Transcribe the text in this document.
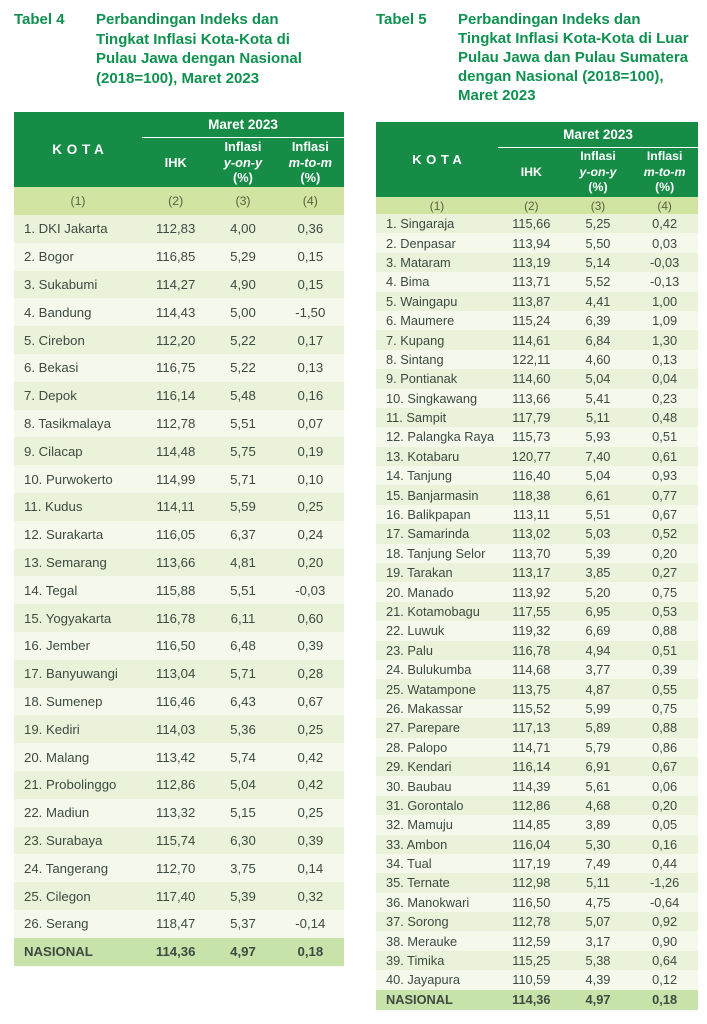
Tabel 4	Perbandingan Indeks dan
Tingkat Inflasi Kota-Kota di
Pulau Jawa dengan Nasional
(2018=100), Maret 2023
KOTA
Maret 2023
IHK
Inflasi
y-on-y
(%)
Inflasi
m-to-m
(%)
(1)	(2)	(3)	(4)
1. DKI Jakarta	112,83	4,00	0,36
2. Bogor	116,85	5,29	0,15
3. Sukabumi	114,27	4,90	0,15
4. Bandung	114,43	5,00	-1,50
5. Cirebon	112,20	5,22	0,17
6. Bekasi	116,75	5,22	0,13
7. Depok	116,14	5,48	0,16
8. Tasikmalaya	112,78	5,51	0,07
9. Cilacap	114,48	5,75	0,19
10. Purwokerto	114,99	5,71	0,10
11. Kudus	114,11	5,59	0,25
12. Surakarta	116,05	6,37	0,24
13. Semarang	113,66	4,81	0,20
14. Tegal	115,88	5,51	-0,03
15. Yogyakarta	116,78	6,11	0,60
16. Jember	116,50	6,48	0,39
17. Banyuwangi	113,04	5,71	0,28
18. Sumenep	116,46	6,43	0,67
19. Kediri	114,03	5,36	0,25
20. Malang	113,42	5,74	0,42
21. Probolinggo	112,86	5,04	0,42
22. Madiun	113,32	5,15	0,25
23. Surabaya	115,74	6,30	0,39
24. Tangerang	112,70	3,75	0,14
25. Cilegon	117,40	5,39	0,32
26. Serang	118,47	5,37	-0,14
NASIONAL	114,36	4,97	0,18
Tabel 5	Perbandingan Indeks dan
Tingkat Inflasi Kota-Kota di Luar
Pulau Jawa dan Pulau Sumatera
dengan Nasional (2018=100),
Maret 2023
KOTA
Maret 2023
IHK
Inflasi
y-on-y
(%)
Inflasi
m-to-m
(%)
(1)	(2)	(3)	(4)
1. Singaraja	115,66	5,25	0,42
2. Denpasar	113,94	5,50	0,03
3. Mataram	113,19	5,14	-0,03
4. Bima	113,71	5,52	-0,13
5. Waingapu	113,87	4,41	1,00
6. Maumere	115,24	6,39	1,09
7. Kupang	114,61	6,84	1,30
8. Sintang	122,11	4,60	0,13
9. Pontianak	114,60	5,04	0,04
10. Singkawang	113,66	5,41	0,23
11. Sampit	117,79	5,11	0,48
12. Palangka Raya	115,73	5,93	0,51
13. Kotabaru	120,77	7,40	0,61
14. Tanjung	116,40	5,04	0,93
15. Banjarmasin	118,38	6,61	0,77
16. Balikpapan	113,11	5,51	0,67
17. Samarinda	113,02	5,03	0,52
18. Tanjung Selor	113,70	5,39	0,20
19. Tarakan	113,17	3,85	0,27
20. Manado	113,92	5,20	0,75
21. Kotamobagu	117,55	6,95	0,53
22. Luwuk	119,32	6,69	0,88
23. Palu	116,78	4,94	0,51
24. Bulukumba	114,68	3,77	0,39
25. Watampone	113,75	4,87	0,55
26. Makassar	115,52	5,99	0,75
27. Parepare	117,13	5,89	0,88
28. Palopo	114,71	5,79	0,86
29. Kendari	116,14	6,91	0,67
30. Baubau	114,39	5,61	0,06
31. Gorontalo	112,86	4,68	0,20
32. Mamuju	114,85	3,89	0,05
33. Ambon	116,04	5,30	0,16
34. Tual	117,19	7,49	0,44
35. Ternate	112,98	5,11	-1,26
36. Manokwari	116,50	4,75	-0,64
37. Sorong	112,78	5,07	0,92
38. Merauke	112,59	3,17	0,90
39. Timika	115,25	5,38	0,64
40. Jayapura	110,59	4,39	0,12
NASIONAL	114,36	4,97	0,18
